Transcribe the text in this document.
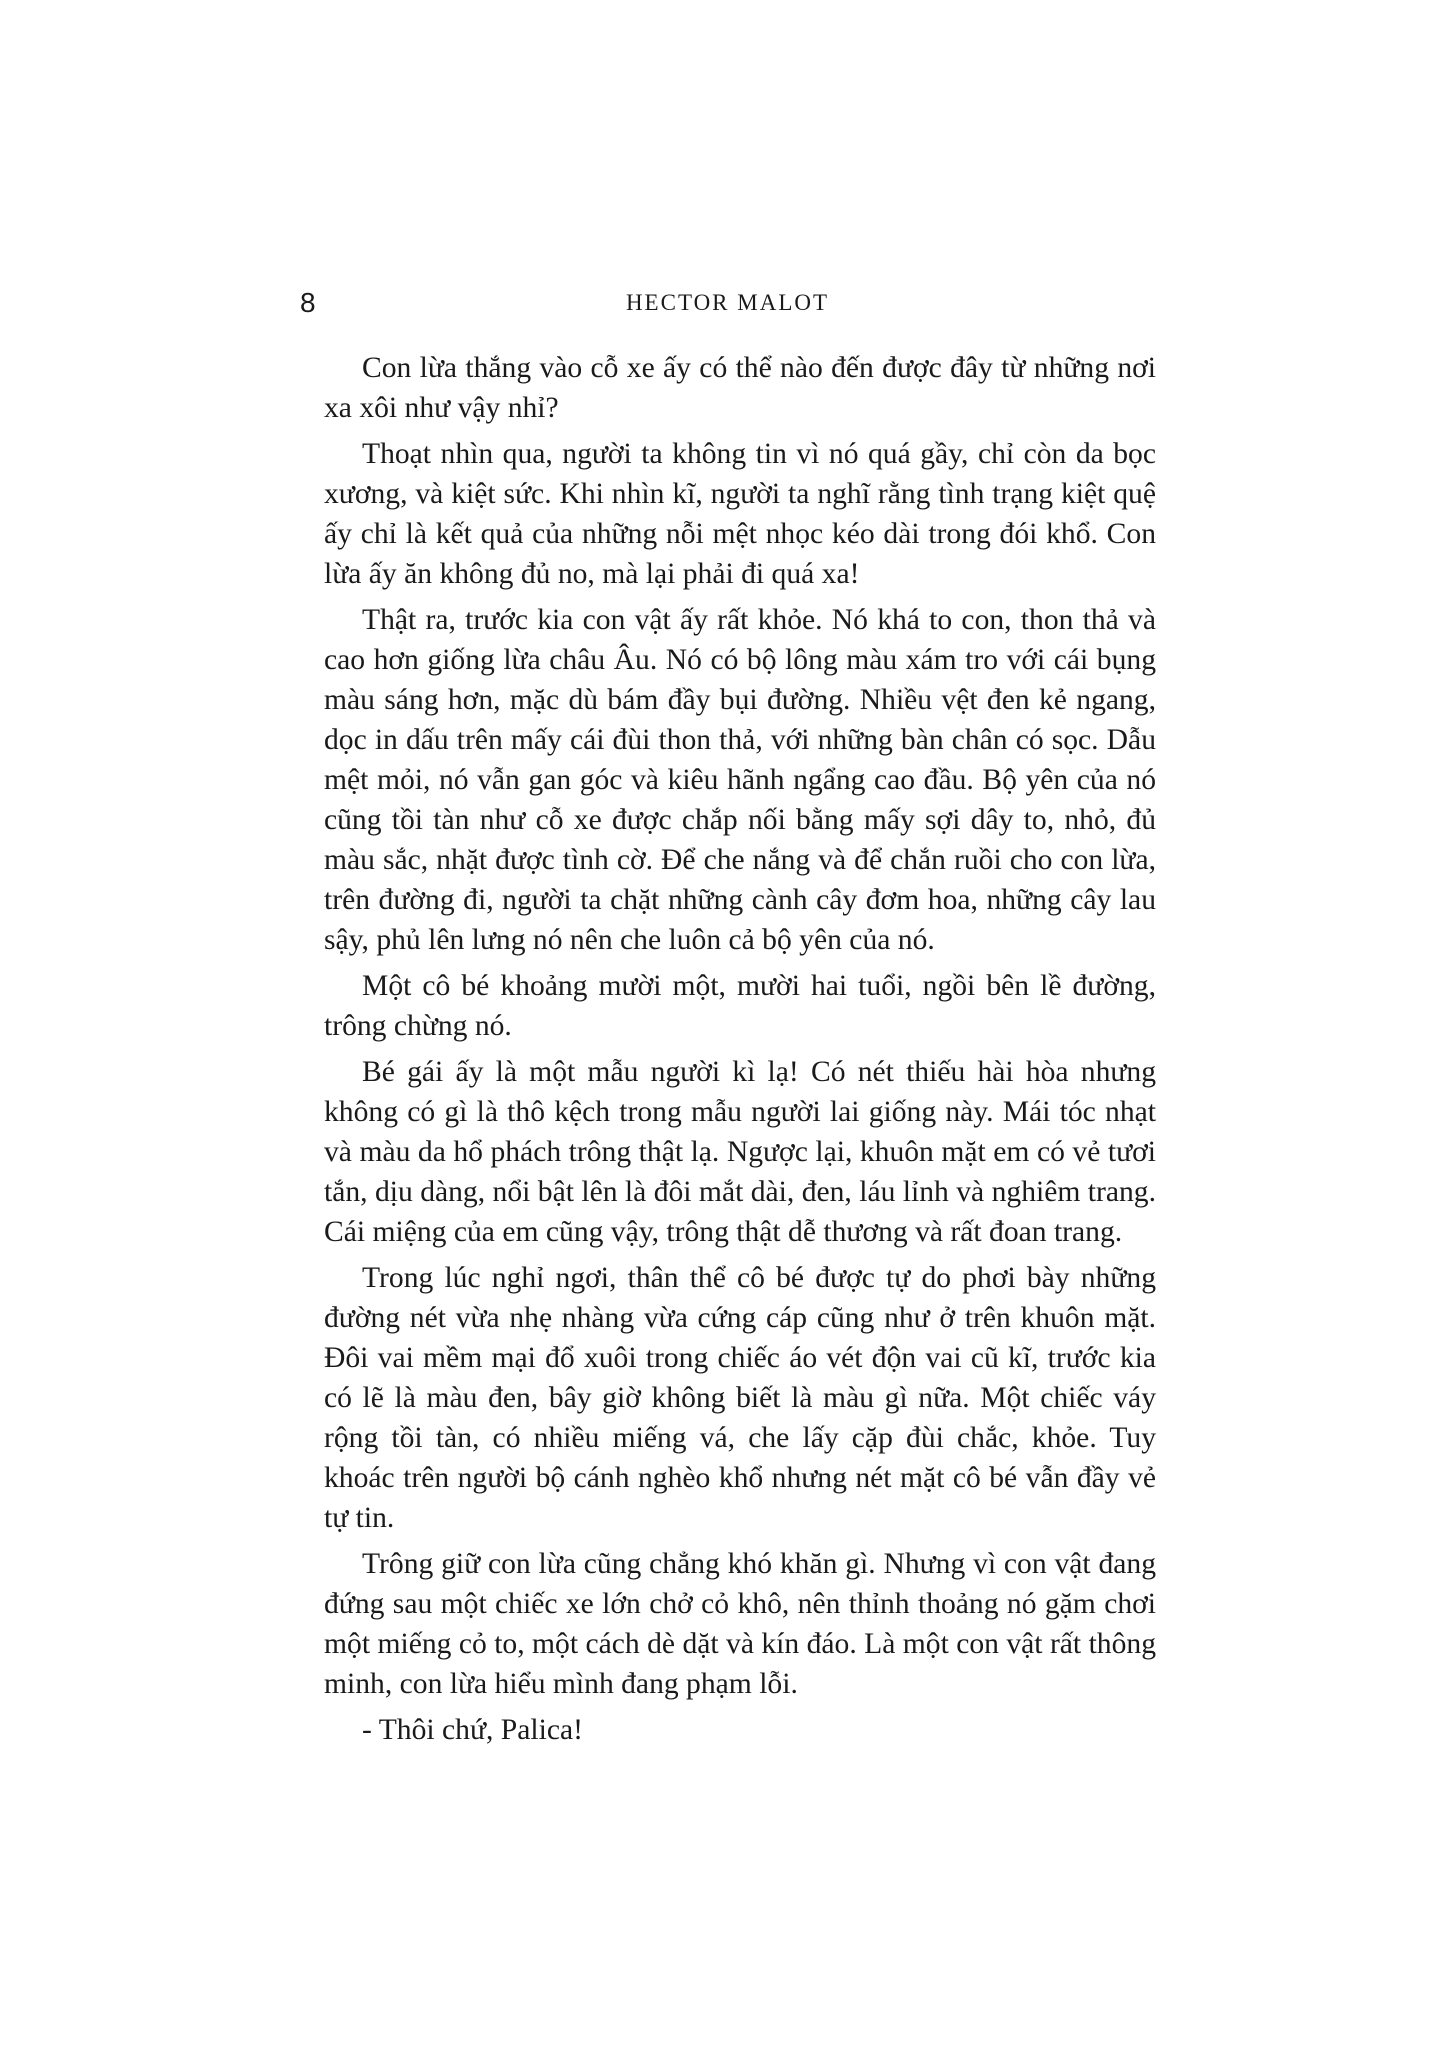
8	HECTOR MALOT

Con lừa thắng vào cỗ xe ấy có thể nào đến được đây từ những nơi xa xôi như vậy nhỉ?

Thoạt nhìn qua, người ta không tin vì nó quá gầy, chỉ còn da bọc xương, và kiệt sức. Khi nhìn kĩ, người ta nghĩ rằng tình trạng kiệt quệ ấy chỉ là kết quả của những nỗi mệt nhọc kéo dài trong đói khổ. Con lừa ấy ăn không đủ no, mà lại phải đi quá xa!

Thật ra, trước kia con vật ấy rất khỏe. Nó khá to con, thon thả và cao hơn giống lừa châu Âu. Nó có bộ lông màu xám tro với cái bụng màu sáng hơn, mặc dù bám đầy bụi đường. Nhiều vệt đen kẻ ngang, dọc in dấu trên mấy cái đùi thon thả, với những bàn chân có sọc. Dẫu mệt mỏi, nó vẫn gan góc và kiêu hãnh ngẩng cao đầu. Bộ yên của nó cũng tồi tàn như cỗ xe được chắp nối bằng mấy sợi dây to, nhỏ, đủ màu sắc, nhặt được tình cờ. Để che nắng và để chắn ruồi cho con lừa, trên đường đi, người ta chặt những cành cây đơm hoa, những cây lau sậy, phủ lên lưng nó nên che luôn cả bộ yên của nó.

Một cô bé khoảng mười một, mười hai tuổi, ngồi bên lề đường, trông chừng nó.

Bé gái ấy là một mẫu người kì lạ! Có nét thiếu hài hòa nhưng không có gì là thô kệch trong mẫu người lai giống này. Mái tóc nhạt và màu da hổ phách trông thật lạ. Ngược lại, khuôn mặt em có vẻ tươi tắn, dịu dàng, nổi bật lên là đôi mắt dài, đen, láu lỉnh và nghiêm trang. Cái miệng của em cũng vậy, trông thật dễ thương và rất đoan trang.

Trong lúc nghỉ ngơi, thân thể cô bé được tự do phơi bày những đường nét vừa nhẹ nhàng vừa cứng cáp cũng như ở trên khuôn mặt. Đôi vai mềm mại đổ xuôi trong chiếc áo vét độn vai cũ kĩ, trước kia có lẽ là màu đen, bây giờ không biết là màu gì nữa. Một chiếc váy rộng tồi tàn, có nhiều miếng vá, che lấy cặp đùi chắc, khỏe. Tuy khoác trên người bộ cánh nghèo khổ nhưng nét mặt cô bé vẫn đầy vẻ tự tin.

Trông giữ con lừa cũng chẳng khó khăn gì. Nhưng vì con vật đang đứng sau một chiếc xe lớn chở cỏ khô, nên thỉnh thoảng nó gặm chơi một miếng cỏ to, một cách dè dặt và kín đáo. Là một con vật rất thông minh, con lừa hiểu mình đang phạm lỗi.

- Thôi chứ, Palica!
